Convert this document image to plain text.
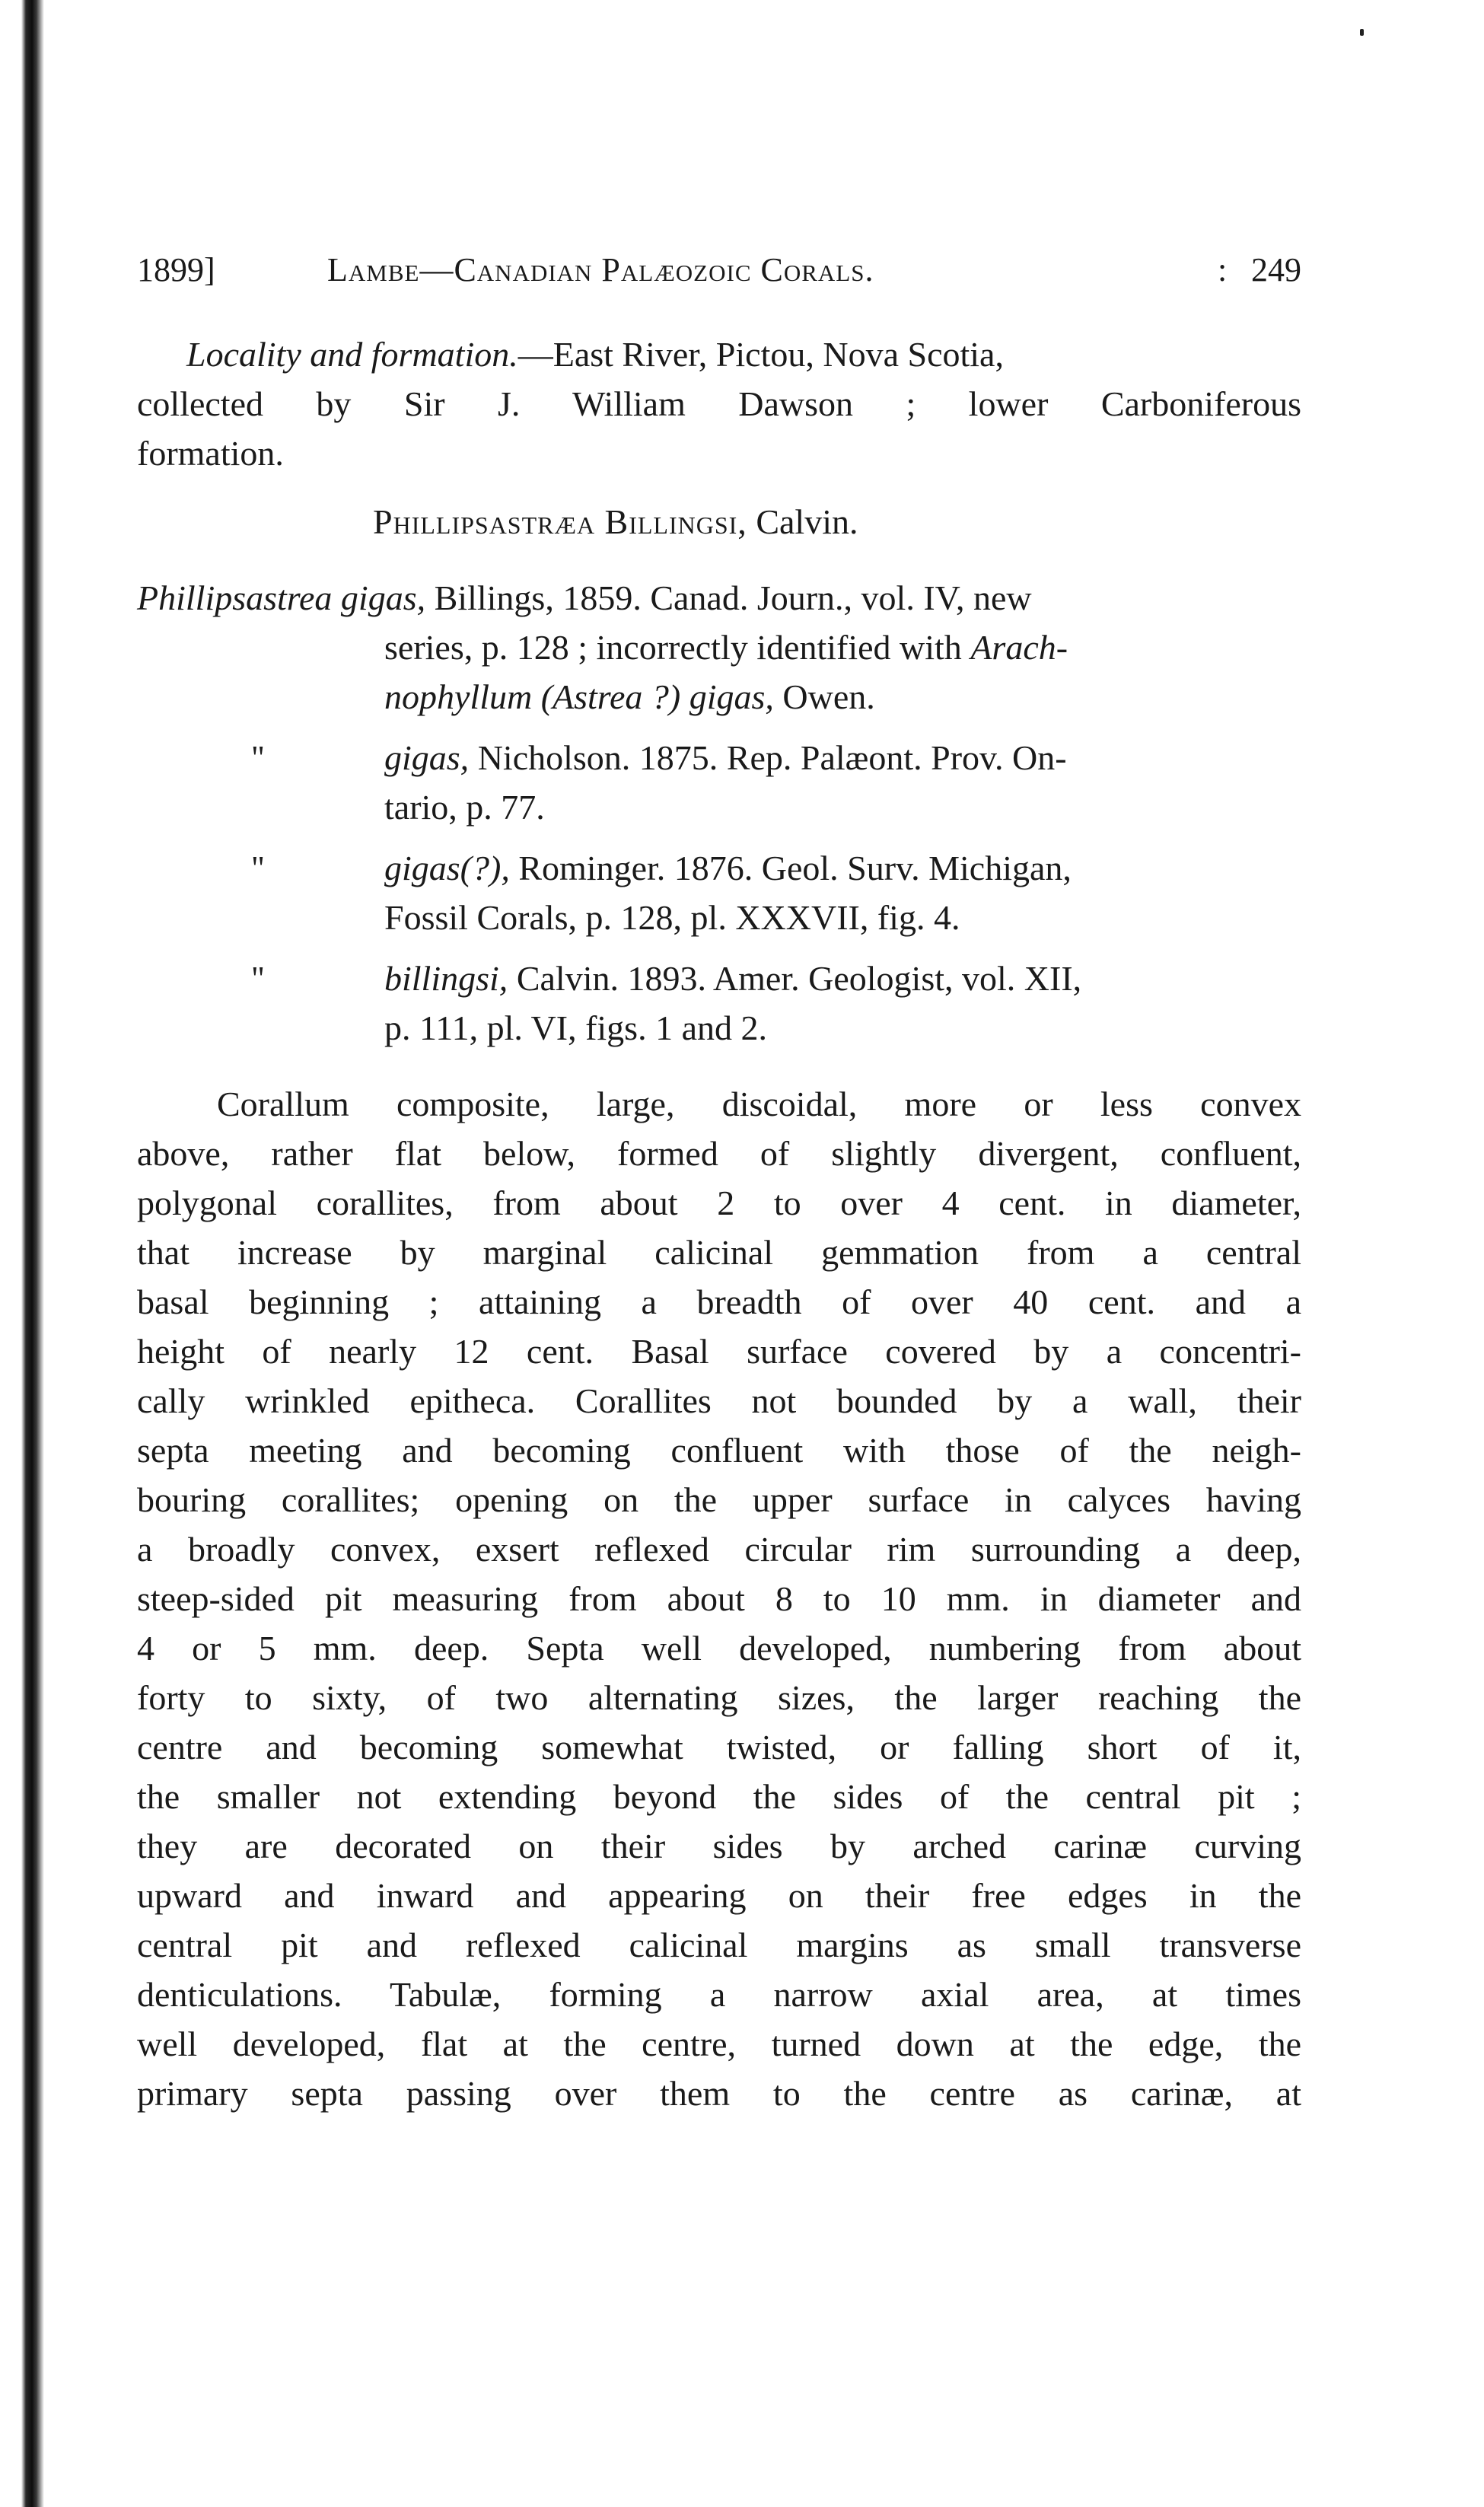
1899]	Lambe—Canadian Palæozoic Corals.	: 249
Locality and formation.—East River, Pictou, Nova Scotia,
collected by Sir J. William Dawson ; lower Carboniferous
formation.
Phillipsastræa Billingsi, Calvin.
Phillipsastrea gigas, Billings, 1859. Canad. Journ., vol. IV, new
series, p. 128 ; incorrectly identified with Arach-
nophyllum (Astrea ?) gigas, Owen.
"	gigas, Nicholson. 1875. Rep. Palæont. Prov. On-
tario, p. 77.
"	gigas(?), Rominger. 1876. Geol. Surv. Michigan,
Fossil Corals, p. 128, pl. XXXVII, fig. 4.
"	billingsi, Calvin. 1893. Amer. Geologist, vol. XII,
p. 111, pl. VI, figs. 1 and 2.
Corallum composite, large, discoidal, more or less convex
above, rather flat below, formed of slightly divergent, confluent,
polygonal corallites, from about 2 to over 4 cent. in diameter,
that increase by marginal calicinal gemmation from a central
basal beginning ; attaining a breadth of over 40 cent. and a
height of nearly 12 cent. Basal surface covered by a concentri-
cally wrinkled epitheca. Corallites not bounded by a wall, their
septa meeting and becoming confluent with those of the neigh-
bouring corallites; opening on the upper surface in calyces having
a broadly convex, exsert reflexed circular rim surrounding a deep,
steep-sided pit measuring from about 8 to 10 mm. in diameter and
4 or 5 mm. deep. Septa well developed, numbering from about
forty to sixty, of two alternating sizes, the larger reaching the
centre and becoming somewhat twisted, or falling short of it,
the smaller not extending beyond the sides of the central pit ;
they are decorated on their sides by arched carinæ curving
upward and inward and appearing on their free edges in the
central pit and reflexed calicinal margins as small transverse
denticulations. Tabulæ, forming a narrow axial area, at times
well developed, flat at the centre, turned down at the edge, the
primary septa passing over them to the centre as carinæ, at
